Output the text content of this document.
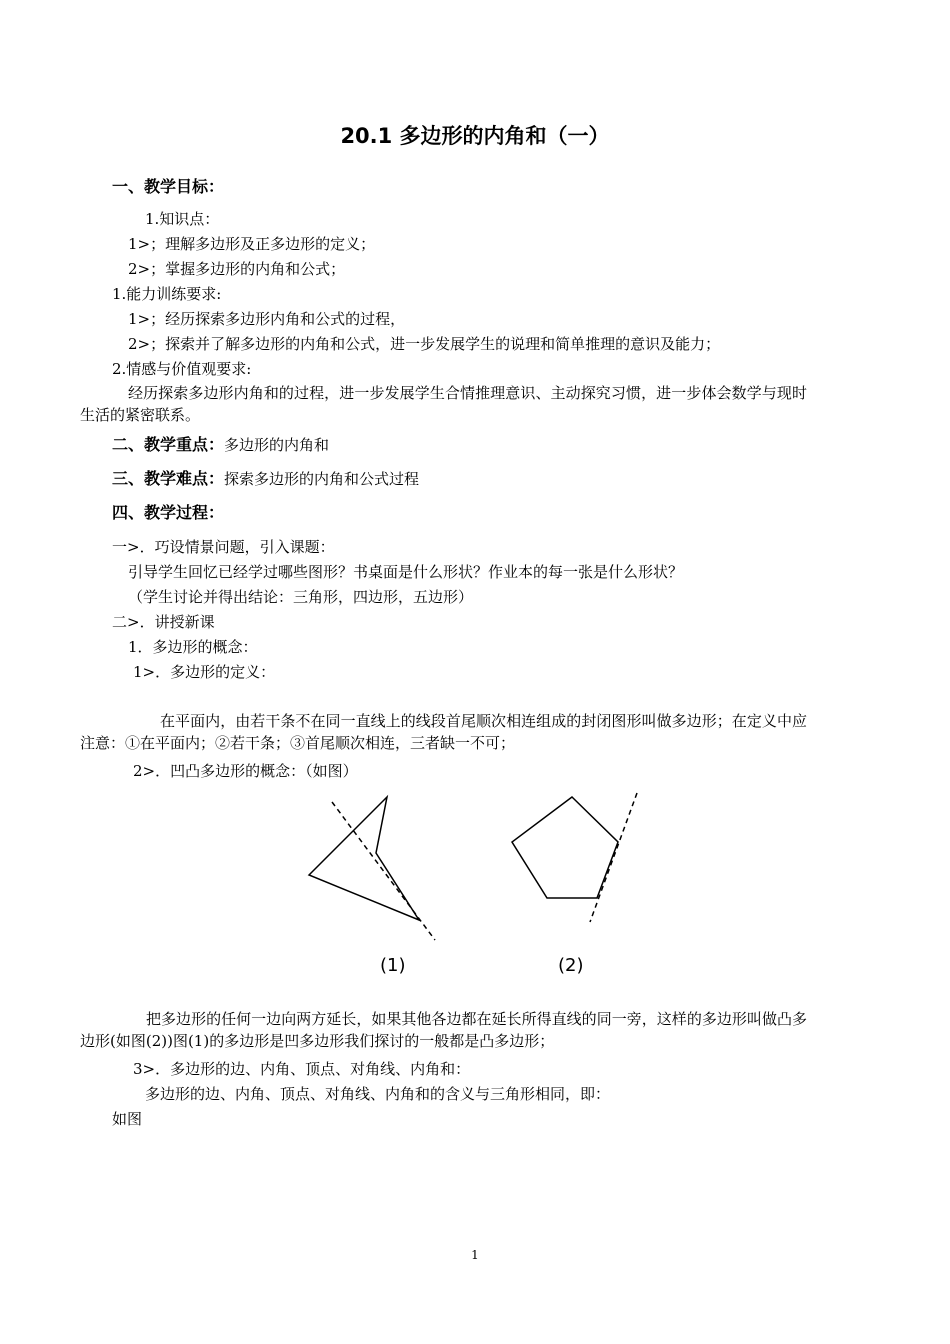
20.1 多边形的内角和（一）
一、教学目标：
1.知识点：
1>；理解多边形及正多边形的定义；
2>；掌握多边形的内角和公式；
1.能力训练要求:
1>；经历探索多边形内角和公式的过程，
2>；探索并了解多边形的内角和公式，进一步发展学生的说理和简单推理的意识及能力；
2.情感与价值观要求:
经历探索多边形内角和的过程，进一步发展学生合情推理意识、主动探究习惯，进一步体会数学与现时生活的紧密联系。
二、教学重点：多边形的内角和
三、教学难点：探索多边形的内角和公式过程
四、教学过程：
一>．巧设情景问题，引入课题：
引导学生回忆已经学过哪些图形？书桌面是什么形状？作业本的每一张是什么形状？
（学生讨论并得出结论：三角形，四边形，五边形）
二>．讲授新课
1．多边形的概念：
1>．多边形的定义：
在平面内，由若干条不在同一直线上的线段首尾顺次相连组成的封闭图形叫做多边形；在定义中应注意：①在平面内；②若干条；③首尾顺次相连，三者缺一不可；
2>．凹凸多边形的概念：（如图）
(1)	(2)
把多边形的任何一边向两方延长，如果其他各边都在延长所得直线的同一旁，这样的多边形叫做凸多边形(如图(2))图(1)的多边形是凹多边形我们探讨的一般都是凸多边形；
3>．多边形的边、内角、顶点、对角线、内角和：
多边形的边、内角、顶点、对角线、内角和的含义与三角形相同，即：
如图
1
